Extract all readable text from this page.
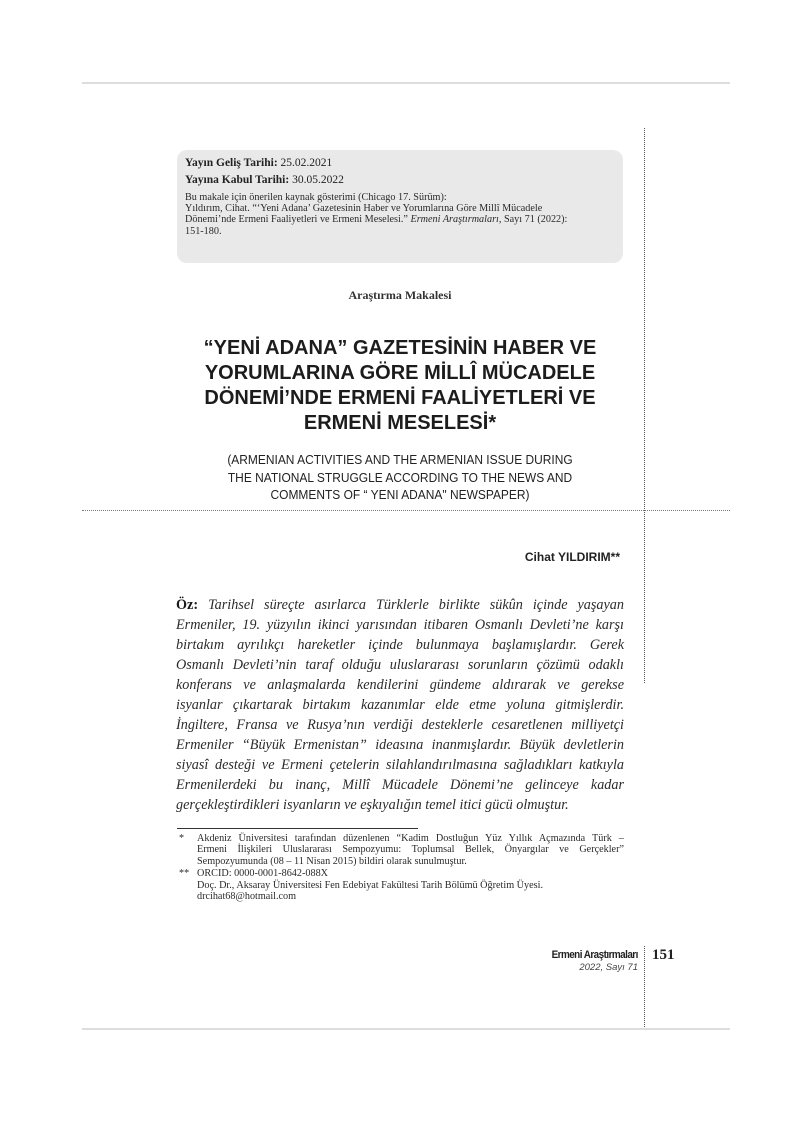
Yayın Geliş Tarihi: 25.02.2021
Yayına Kabul Tarihi: 30.05.2022
Bu makale için önerilen kaynak gösterimi (Chicago 17. Sürüm):
Yıldırım, Cihat. “‘Yeni Adana’ Gazetesinin Haber ve Yorumlarına Göre Millî Mücadele
Dönemi’nde Ermeni Faaliyetleri ve Ermeni Meselesi.” Ermeni Araştırmaları, Sayı 71 (2022):
151-180.
Araştırma Makalesi
“YENİ ADANA” GAZETESİNİN HABER VE
YORUMLARINA GÖRE MİLLÎ MÜCADELE
DÖNEMİ’NDE ERMENİ FAALİYETLERİ VE
ERMENİ MESELESİ*
(ARMENIAN ACTIVITIES AND THE ARMENIAN ISSUE DURING
THE NATIONAL STRUGGLE ACCORDING TO THE NEWS AND
COMMENTS OF “ YENI ADANA" NEWSPAPER)
Cihat YILDIRIM**
Öz: Tarihsel süreçte asırlarca Türklerle birlikte sükûn içinde yaşayan
Ermeniler, 19. yüzyılın ikinci yarısından itibaren Osmanlı Devleti’ne karşı
birtakım ayrılıkçı hareketler içinde bulunmaya başlamışlardır. Gerek
Osmanlı Devleti’nin taraf olduğu uluslararası sorunların çözümü odaklı
konferans ve anlaşmalarda kendilerini gündeme aldırarak ve gerekse
isyanlar çıkartarak birtakım kazanımlar elde etme yoluna gitmişlerdir.
İngiltere, Fransa ve Rusya’nın verdiği desteklerle cesaretlenen milliyetçi
Ermeniler “Büyük Ermenistan” ideasına inanmışlardır. Büyük devletlerin
siyasî desteği ve Ermeni çetelerin silahlandırılmasına sağladıkları katkıyla
Ermenilerdeki bu inanç, Millî Mücadele Dönemi’ne gelinceye kadar
gerçekleştirdikleri isyanların ve eşkıyalığın temel itici gücü olmuştur.
* Akdeniz Üniversitesi tarafından düzenlenen “Kadim Dostluğun Yüz Yıllık Açmazında Türk –
Ermeni İlişkileri Uluslararası Sempozyumu: Toplumsal Bellek, Önyargılar ve Gerçekler”
Sempozyumunda (08 – 11 Nisan 2015) bildiri olarak sunulmuştur.
** ORCID: 0000-0001-8642-088X
Doç. Dr., Aksaray Üniversitesi Fen Edebiyat Fakültesi Tarih Bölümü Öğretim Üyesi.
drcihat68@hotmail.com
Ermeni Araştırmaları
2022, Sayı 71
151
